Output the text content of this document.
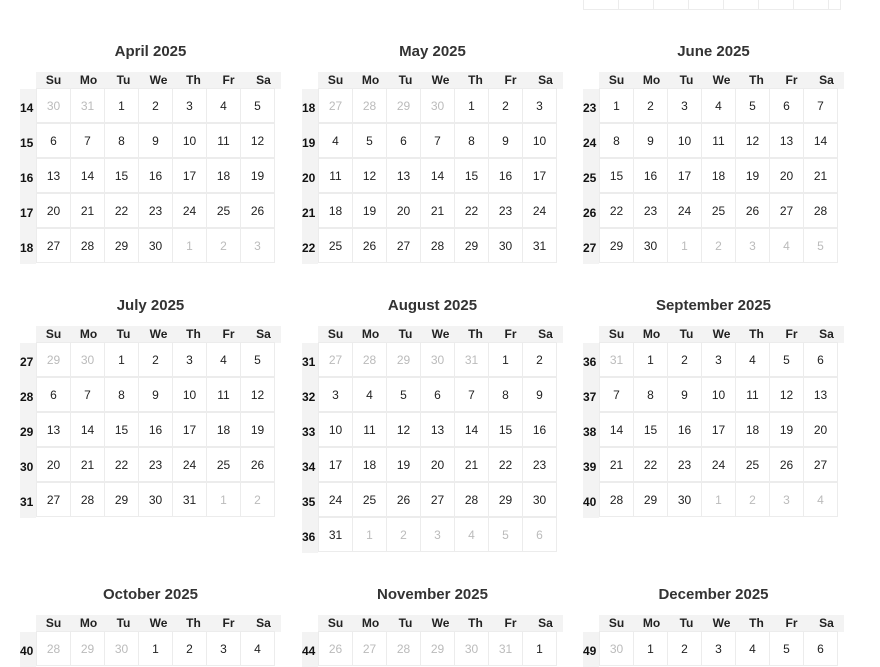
April 2025
Su	Mo	Tu	We	Th	Fr	Sa
14	30	31	1	2	3	4	5
15	6	7	8	9	10	11	12
16	13	14	15	16	17	18	19
17	20	21	22	23	24	25	26
18	27	28	29	30	1	2	3
May 2025
Su	Mo	Tu	We	Th	Fr	Sa
18	27	28	29	30	1	2	3
19	4	5	6	7	8	9	10
20	11	12	13	14	15	16	17
21	18	19	20	21	22	23	24
22	25	26	27	28	29	30	31
June 2025
Su	Mo	Tu	We	Th	Fr	Sa
23	1	2	3	4	5	6	7
24	8	9	10	11	12	13	14
25	15	16	17	18	19	20	21
26	22	23	24	25	26	27	28
27	29	30	1	2	3	4	5
July 2025
Su	Mo	Tu	We	Th	Fr	Sa
27	29	30	1	2	3	4	5
28	6	7	8	9	10	11	12
29	13	14	15	16	17	18	19
30	20	21	22	23	24	25	26
31	27	28	29	30	31	1	2
August 2025
Su	Mo	Tu	We	Th	Fr	Sa
31	27	28	29	30	31	1	2
32	3	4	5	6	7	8	9
33	10	11	12	13	14	15	16
34	17	18	19	20	21	22	23
35	24	25	26	27	28	29	30
36	31	1	2	3	4	5	6
September 2025
Su	Mo	Tu	We	Th	Fr	Sa
36	31	1	2	3	4	5	6
37	7	8	9	10	11	12	13
38	14	15	16	17	18	19	20
39	21	22	23	24	25	26	27
40	28	29	30	1	2	3	4
October 2025
Su	Mo	Tu	We	Th	Fr	Sa
40	28	29	30	1	2	3	4
November 2025
Su	Mo	Tu	We	Th	Fr	Sa
44	26	27	28	29	30	31	1
December 2025
Su	Mo	Tu	We	Th	Fr	Sa
49	30	1	2	3	4	5	6
